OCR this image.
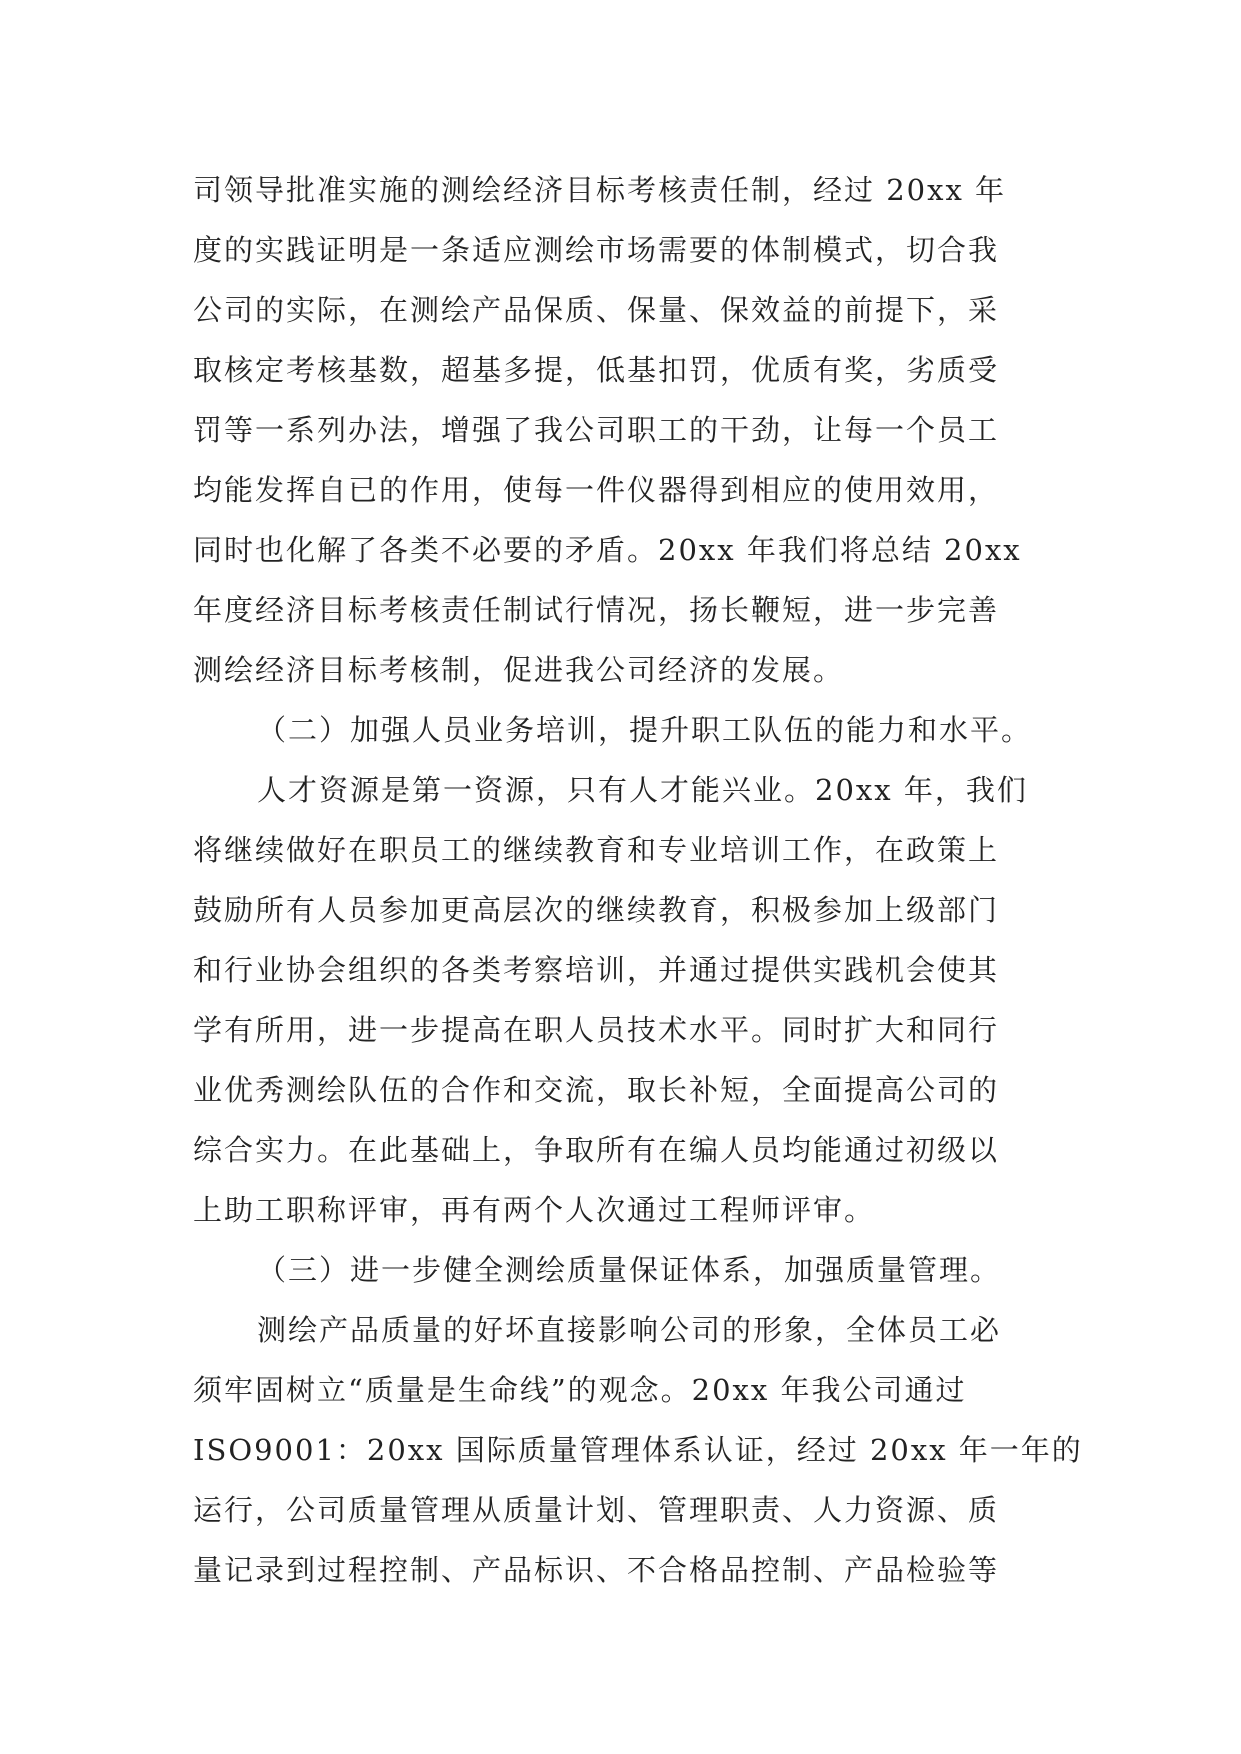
司领导批准实施的测绘经济目标考核责任制，经过 20xx 年
度的实践证明是一条适应测绘市场需要的体制模式，切合我
公司的实际，在测绘产品保质、保量、保效益的前提下，采
取核定考核基数，超基多提，低基扣罚，优质有奖，劣质受
罚等一系列办法，增强了我公司职工的干劲，让每一个员工
均能发挥自已的作用，使每一件仪器得到相应的使用效用，
同时也化解了各类不必要的矛盾。20xx 年我们将总结 20xx
年度经济目标考核责任制试行情况，扬长鞭短，进一步完善
测绘经济目标考核制，促进我公司经济的发展。
（二）加强人员业务培训，提升职工队伍的能力和水平。
人才资源是第一资源，只有人才能兴业。20xx 年，我们
将继续做好在职员工的继续教育和专业培训工作，在政策上
鼓励所有人员参加更高层次的继续教育，积极参加上级部门
和行业协会组织的各类考察培训，并通过提供实践机会使其
学有所用，进一步提高在职人员技术水平。同时扩大和同行
业优秀测绘队伍的合作和交流，取长补短，全面提高公司的
综合实力。在此基础上，争取所有在编人员均能通过初级以
上助工职称评审，再有两个人次通过工程师评审。
（三）进一步健全测绘质量保证体系，加强质量管理。
测绘产品质量的好坏直接影响公司的形象，全体员工必
须牢固树立“质量是生命线”的观念。20xx 年我公司通过
ISO9001：20xx 国际质量管理体系认证，经过 20xx 年一年的
运行，公司质量管理从质量计划、管理职责、人力资源、质
量记录到过程控制、产品标识、不合格品控制、产品检验等
